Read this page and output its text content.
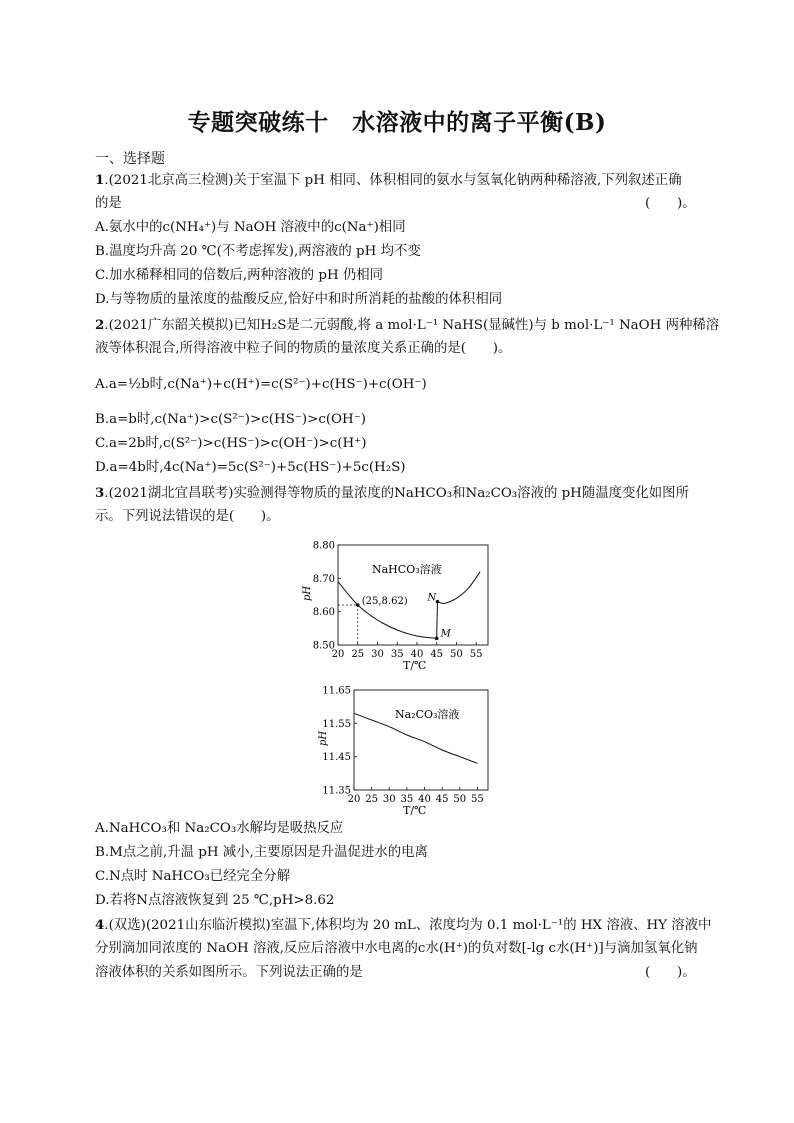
专题突破练十　水溶液中的离子平衡(B)
一、选择题
1.(2021北京高三检测)关于室温下 pH 相同、体积相同的氨水与氢氧化钠两种稀溶液,下列叙述正确
的是	(　　)。
A.氨水中的c(NH₄⁺)与 NaOH 溶液中的c(Na⁺)相同
B.温度均升高 20 ℃(不考虑挥发),两溶液的 pH 均不变
C.加水稀释相同的倍数后,两种溶液的 pH 仍相同
D.与等物质的量浓度的盐酸反应,恰好中和时所消耗的盐酸的体积相同
2.(2021广东韶关模拟)已知H₂S是二元弱酸,将 a mol·L⁻¹ NaHS(显碱性)与 b mol·L⁻¹ NaOH 两种稀溶
液等体积混合,所得溶液中粒子间的物质的量浓度关系正确的是(　　)。
A.a=½b时,c(Na⁺)+c(H⁺)=c(S²⁻)+c(HS⁻)+c(OH⁻)
B.a=b时,c(Na⁺)>c(S²⁻)>c(HS⁻)>c(OH⁻)
C.a=2b时,c(S²⁻)>c(HS⁻)>c(OH⁻)>c(H⁺)
D.a=4b时,4c(Na⁺)=5c(S²⁻)+5c(HS⁻)+5c(H₂S)
3.(2021湖北宜昌联考)实验测得等物质的量浓度的NaHCO₃和Na₂CO₃溶液的 pH随温度变化如图所
示。下列说法错误的是(　　)。
20 25 30 35 40 45 50 55
8.50
8.60
8.70
8.80
(25,8.62) N
M
NaHCO₃溶液
pH
T/℃
20 25 30 35 40 45 50 55
11.35
11.45
11.55
11.65
Na₂CO₃溶液
pH
T/℃
A.NaHCO₃和 Na₂CO₃水解均是吸热反应
B.M点之前,升温 pH 减小,主要原因是升温促进水的电离
C.N点时 NaHCO₃已经完全分解
D.若将N点溶液恢复到 25 ℃,pH>8.62
4.(双选)(2021山东临沂模拟)室温下,体积均为 20 mL、浓度均为 0.1 mol·L⁻¹的 HX 溶液、HY 溶液中
分别滴加同浓度的 NaOH 溶液,反应后溶液中水电离的c水(H⁺)的负对数[-lg c水(H⁺)]与滴加氢氧化钠
溶液体积的关系如图所示。下列说法正确的是	(　　)。
